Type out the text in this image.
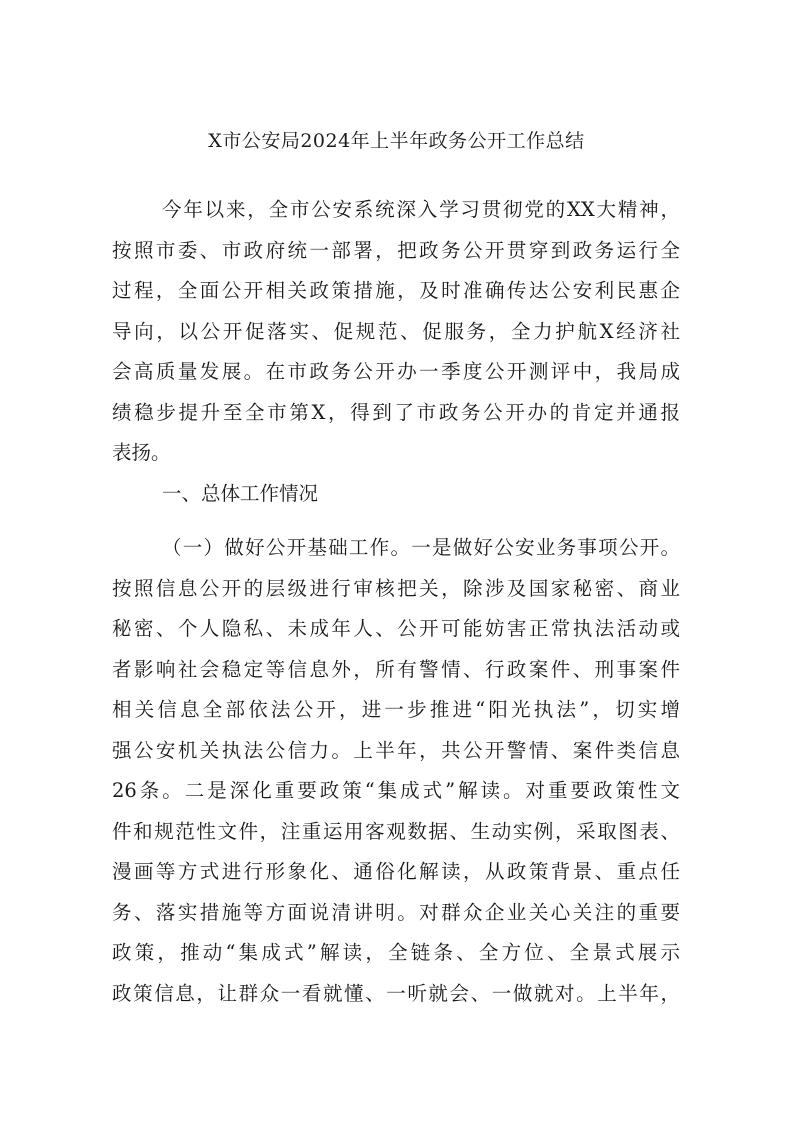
X市公安局2024年上半年政务公开工作总结
今年以来，全市公安系统深入学习贯彻党的XX大精神，
按照市委、市政府统一部署，把政务公开贯穿到政务运行全
过程，全面公开相关政策措施，及时准确传达公安利民惠企
导向，以公开促落实、促规范、促服务，全力护航X经济社
会高质量发展。在市政务公开办一季度公开测评中，我局成
绩稳步提升至全市第X，得到了市政务公开办的肯定并通报
表扬。
一、总体工作情况
（一）做好公开基础工作。一是做好公安业务事项公开。
按照信息公开的层级进行审核把关，除涉及国家秘密、商业
秘密、个人隐私、未成年人、公开可能妨害正常执法活动或
者影响社会稳定等信息外，所有警情、行政案件、刑事案件
相关信息全部依法公开，进一步推进“阳光执法”，切实增
强公安机关执法公信力。上半年，共公开警情、案件类信息
26条。二是深化重要政策“集成式”解读。对重要政策性文
件和规范性文件，注重运用客观数据、生动实例，采取图表、
漫画等方式进行形象化、通俗化解读，从政策背景、重点任
务、落实措施等方面说清讲明。对群众企业关心关注的重要
政策，推动“集成式”解读，全链条、全方位、全景式展示
政策信息，让群众一看就懂、一听就会、一做就对。上半年，
